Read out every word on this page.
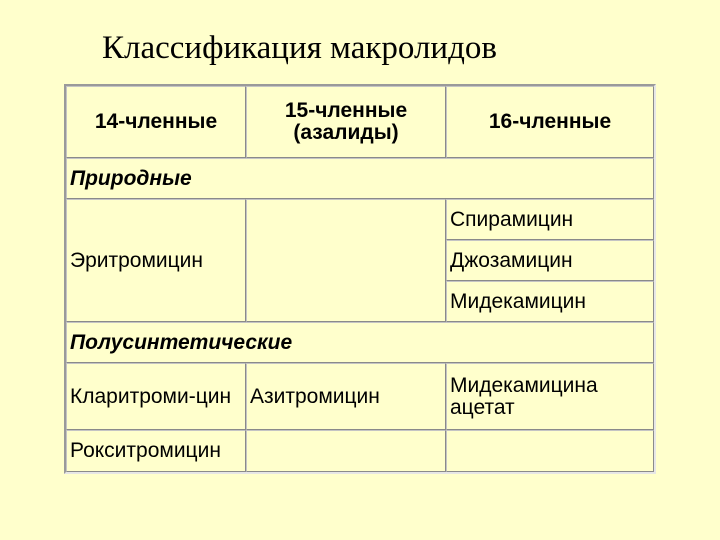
Классификация макролидов
14-членные	15-членные (азалиды)	16-членные
Природные		
Эритромицин		Спирамицин
		Джозамицин
		Мидекамицин
Полусинтетические		
Кларитроми-цин	Азитромицин	Мидекамицина ацетат
Рокситромицин		
